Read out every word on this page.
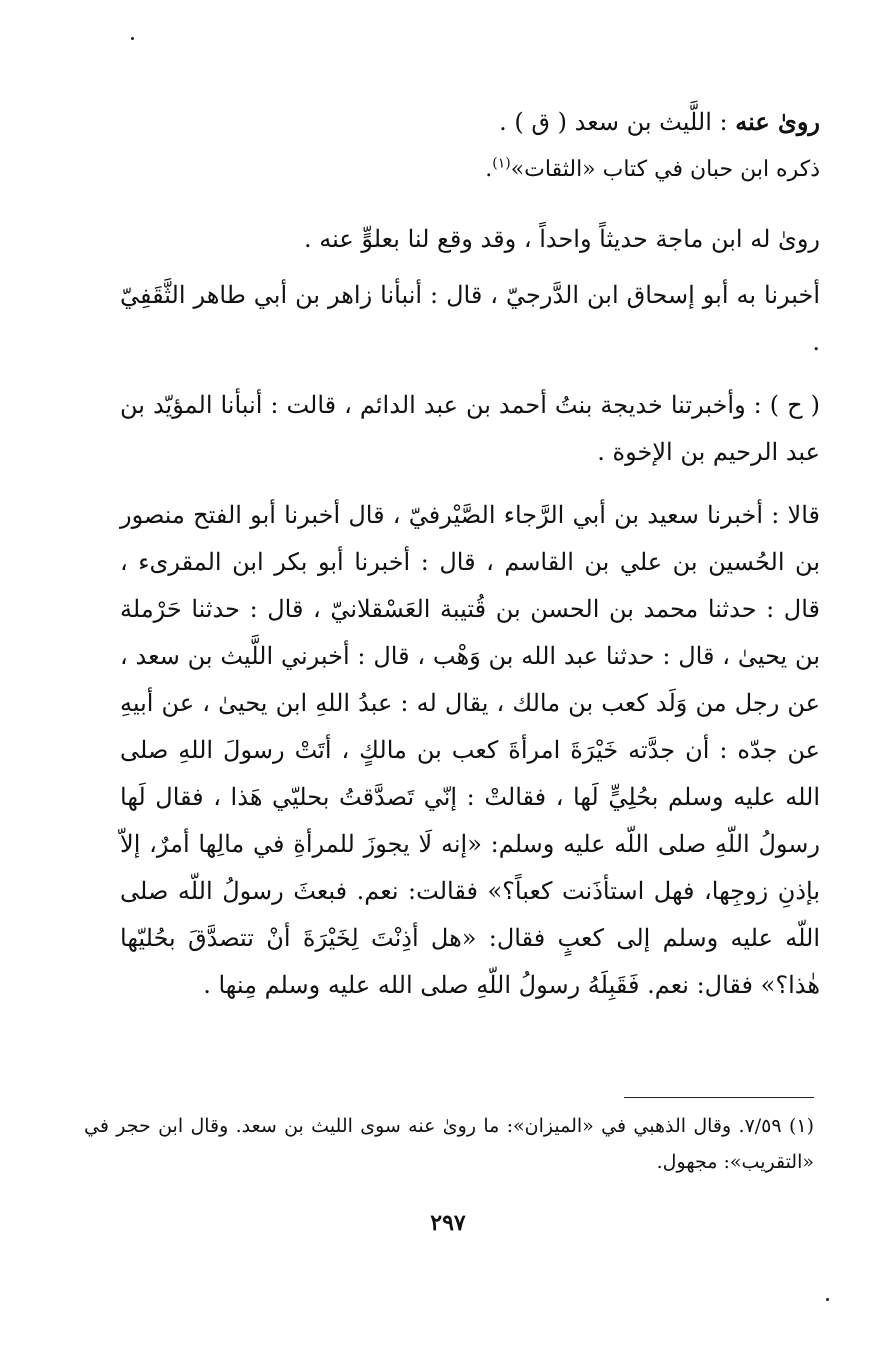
روىٰ عنه : اللَّيث بن سعد ( ق ) .
ذكره ابن حبان في كتاب «الثقات»$^{(١)}$.
روىٰ له ابن ماجة حديثاً واحداً ، وقد وقع لنا بعلوٍّ عنه .
أخبرنا به أبو إسحاق ابن الدَّرجيّ ، قال : أنبأنا زاهر بن أبي طاهر الثَّقَفِيّ .
( ح ) : وأخبرتنا خديجة بنتُ أحمد بن عبد الدائم ، قالت : أنبأنا المؤيّد بن عبد الرحيم بن الإخوة .
قالا : أخبرنا سعيد بن أبي الرَّجاء الصَّيْرفيّ ، قال أخبرنا أبو الفتح منصور بن الحُسين بن علي بن القاسم ، قال : أخبرنا أبو بكر ابن المقرىء ، قال : حدثنا محمد بن الحسن بن قُتيبة العَسْقلانيّ ، قال : حدثنا حَرْملة بن يحيىٰ ، قال : حدثنا عبد الله بن وَهْب ، قال : أخبرني اللَّيث بن سعد ، عن رجل من وَلَد كعب بن مالك ، يقال له : عبدُ اللهِ ابن يحيىٰ ، عن أبيهِ عن جدّه : أن جدَّته خَيْرَةَ امرأةَ كعب بن مالكٍ ، أتَتْ رسولَ اللهِ صلى الله عليه وسلم بحُلِيٍّ لَها ، فقالتْ : إنّي تَصدَّقتُ بحليّي هَذا ، فقال لَها رسولُ اللّهِ صلى اللّه عليه وسلم: «إنه لَا يجوزَ للمرأةِ في مالِها أمرٌ، إلاّ بإذنِ زوجِها، فهل استأذَنت كعباً؟» فقالت: نعم. فبعثَ رسولُ اللّه صلى اللّه عليه وسلم إلى كعبٍ فقال: «هل أذِنْتَ لِخَيْرَةَ أنْ تتصدَّقَ بحُليّها هٰذا؟» فقال: نعم. فَقَبِلَهُ رسولُ اللّهِ صلى الله عليه وسلم مِنها .
(١) ٧/٥٩. وقال الذهبي في «الميزان»: ما روىٰ عنه سوى الليث بن سعد. وقال ابن حجر في «التقريب»: مجهول.
٢٩٧
